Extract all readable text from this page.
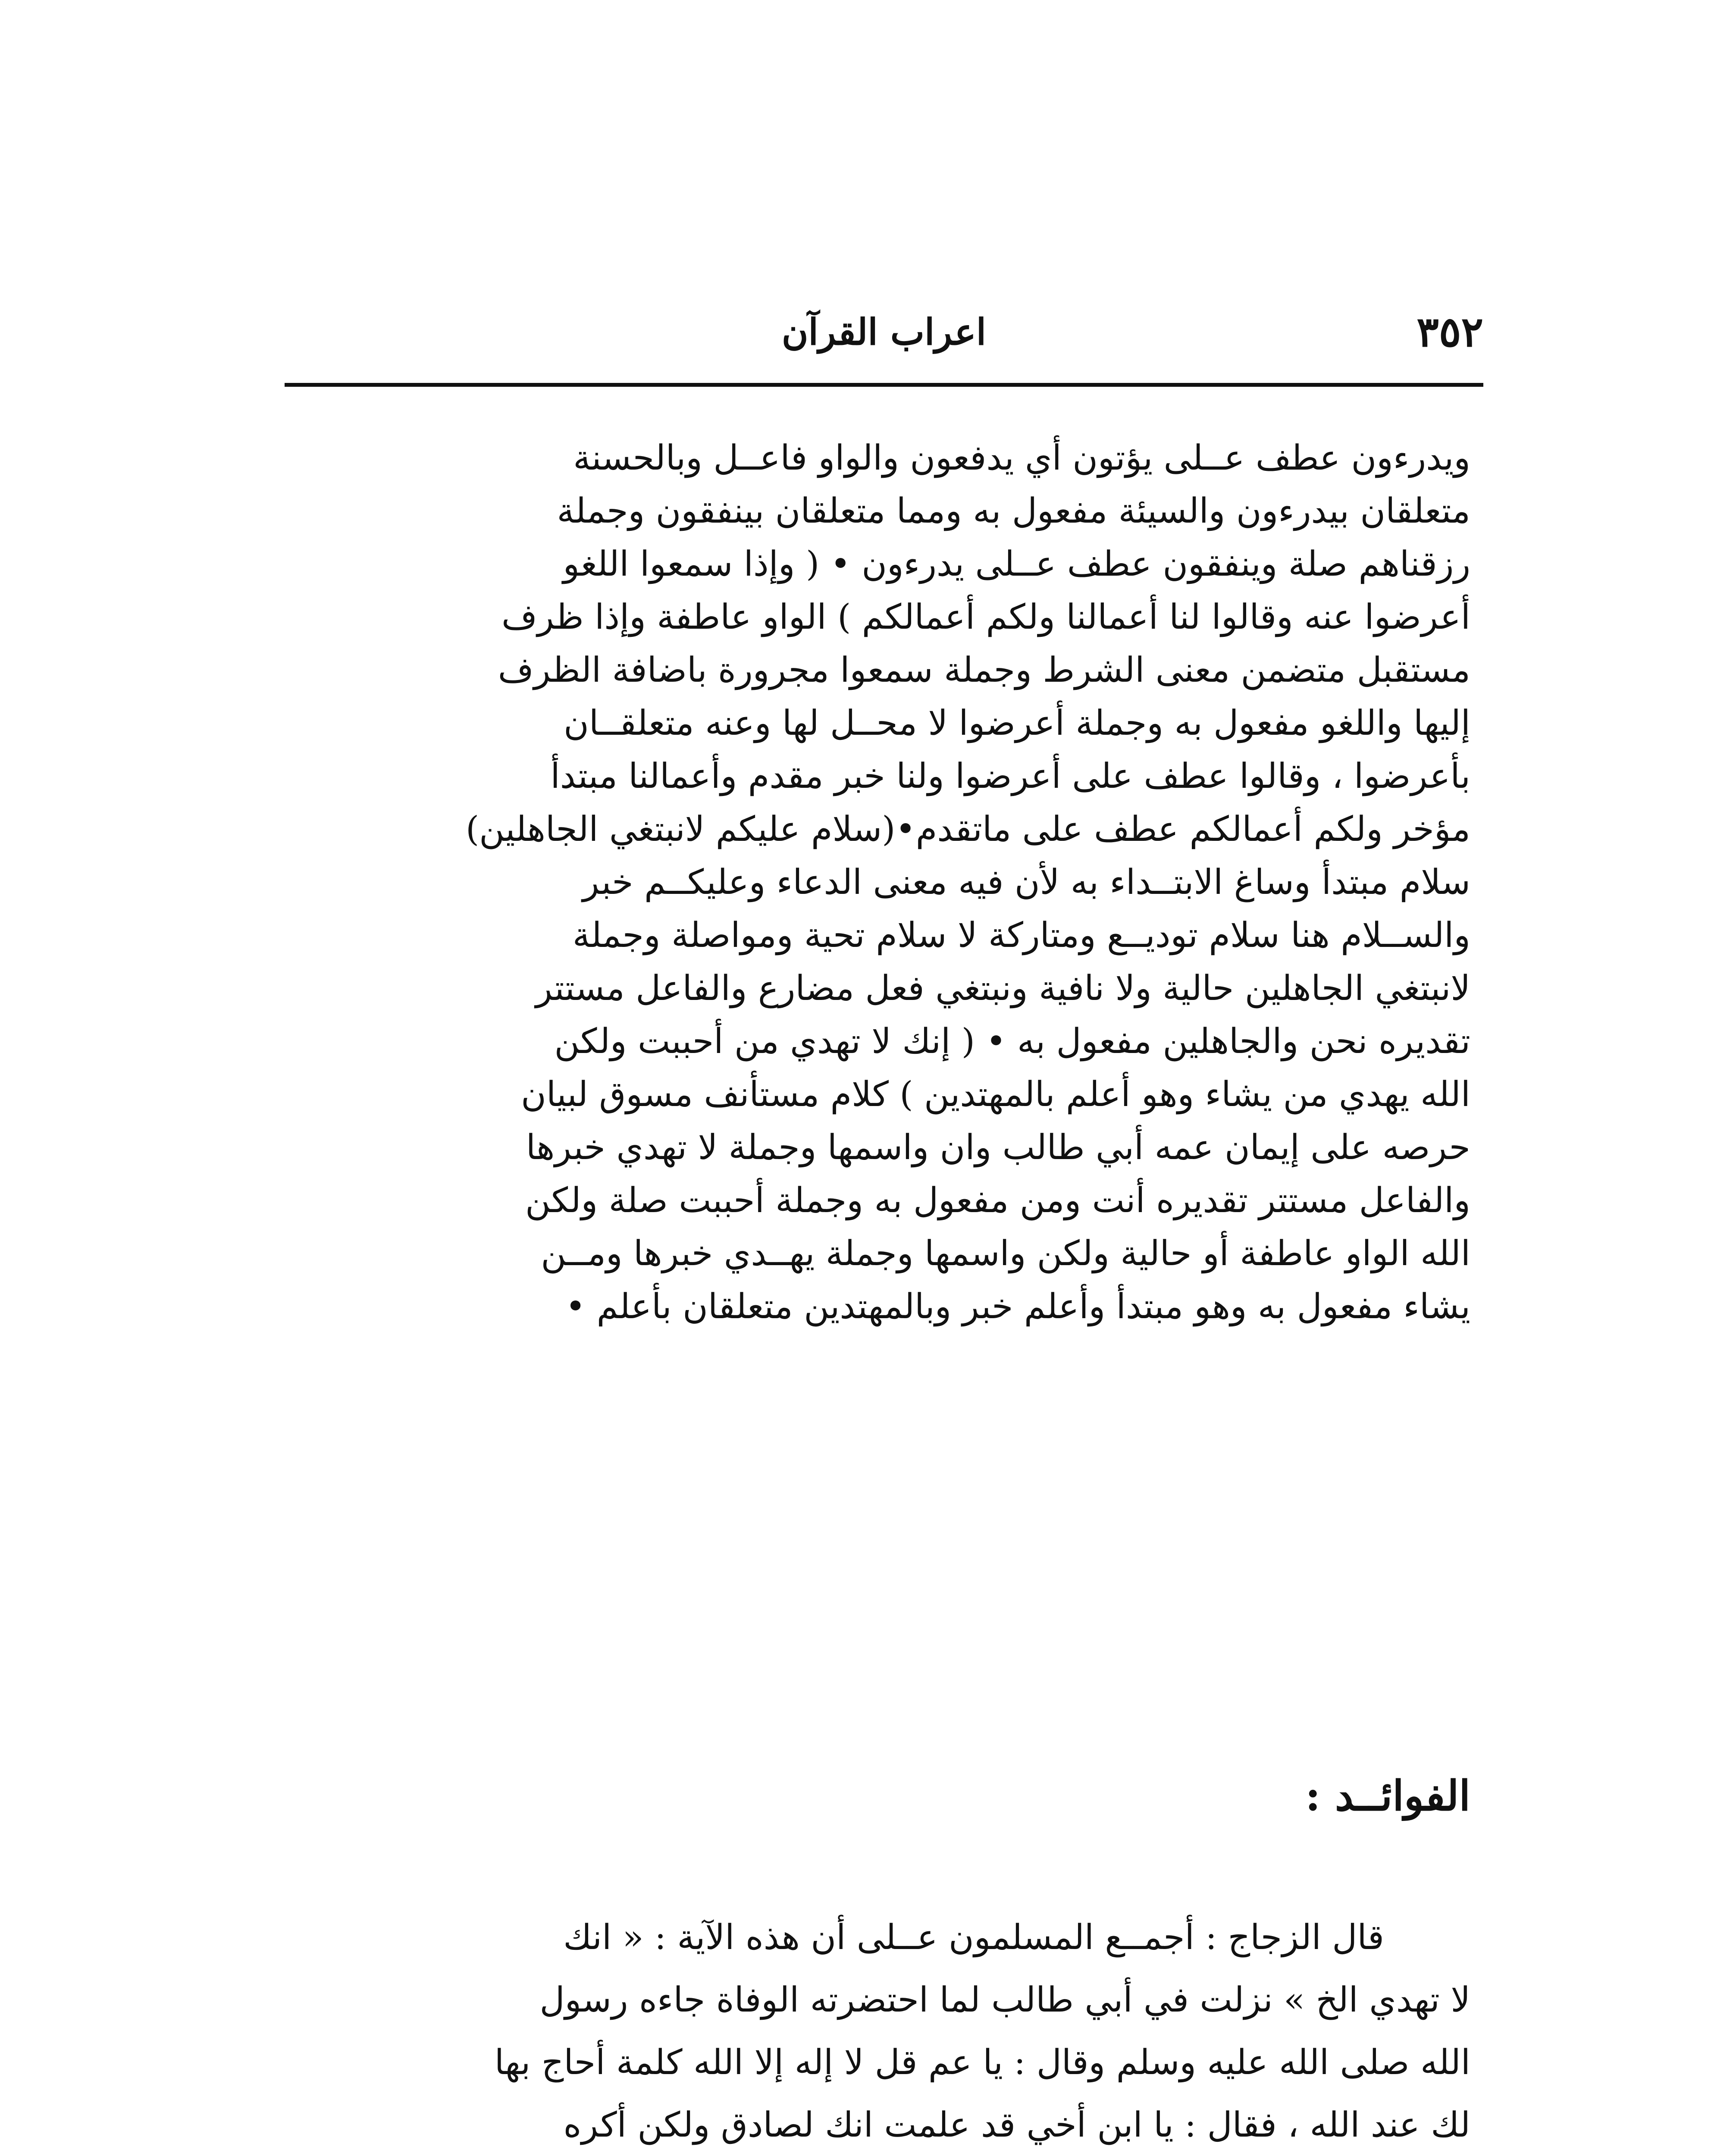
٣٥٢
اعراب القرآن
ويدرءون عطف عــلى يؤتون أي يدفعون والواو فاعــل وبالحسنة
متعلقان بيدرءون والسيئة مفعول به ومما متعلقان بينفقون وجملة
رزقناهم صلة وينفقون عطف عــلى يدرءون • ( وإذا سمعوا اللغو
أعرضوا عنه وقالوا لنا أعمالنا ولكم أعمالكم ) الواو عاطفة وإذا ظرف
مستقبل متضمن معنى الشرط وجملة سمعوا مجرورة باضافة الظرف
إليها واللغو مفعول به وجملة أعرضوا لا محــل لها وعنه متعلقــان
بأعرضوا ، وقالوا عطف على أعرضوا ولنا خبر مقدم وأعمالنا مبتدأ
مؤخر ولكم أعمالكم عطف على ماتقدم•(سلام عليكم لانبتغي الجاهلين)
سلام مبتدأ وساغ الابتــداء به لأن فيه معنى الدعاء وعليكــم خبر
والســلام هنا سلام توديــع ومتاركة لا سلام تحية ومواصلة وجملة
لانبتغي الجاهلين حالية ولا نافية ونبتغي فعل مضارع والفاعل مستتر
تقديره نحن والجاهلين مفعول به • ( إنك لا تهدي من أحببت ولكن
الله يهدي من يشاء وهو أعلم بالمهتدين ) كلام مستأنف مسوق لبيان
حرصه على إيمان عمه أبي طالب وان واسمها وجملة لا تهدي خبرها
والفاعل مستتر تقديره أنت ومن مفعول به وجملة أحببت صلة ولكن
الله الواو عاطفة أو حالية ولكن واسمها وجملة يهــدي خبرها ومــن
يشاء مفعول به وهو مبتدأ وأعلم خبر وبالمهتدين متعلقان بأعلم •
الفوائــد :
قال الزجاج : أجمــع المسلمون عــلى أن هذه الآية : « انك
لا تهدي الخ » نزلت في أبي طالب لما احتضرته الوفاة جاءه رسول
الله صلى الله عليه وسلم وقال : يا عم قل لا إله إلا الله كلمة أحاج بها
لك عند الله ، فقال : يا ابن أخي قد علمت انك لصادق ولكن أكره
